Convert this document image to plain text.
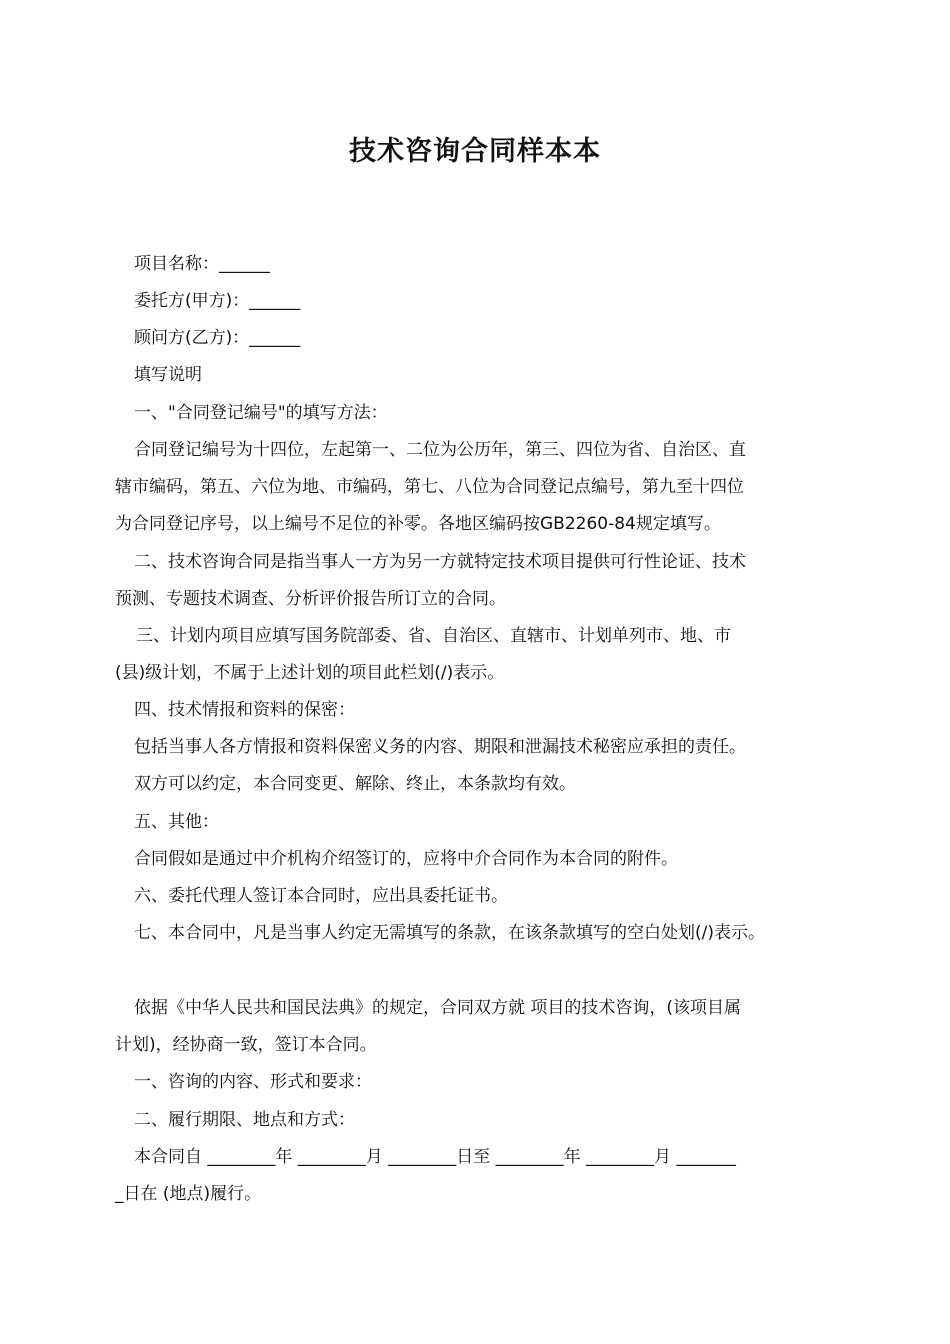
技术咨询合同样本本
项目名称：______
委托方(甲方)：______
顾问方(乙方)：______
填写说明
一、"合同登记编号"的填写方法：
合同登记编号为十四位，左起第一、二位为公历年，第三、四位为省、自治区、直
辖市编码，第五、六位为地、市编码，第七、八位为合同登记点编号，第九至十四位
为合同登记序号，以上编号不足位的补零。各地区编码按GB2260-84规定填写。
二、技术咨询合同是指当事人一方为另一方就特定技术项目提供可行性论证、技术
预测、专题技术调查、分析评价报告所订立的合同。
三、计划内项目应填写国务院部委、省、自治区、直辖市、计划单列市、地、市
(县)级计划，不属于上述计划的项目此栏划(/)表示。
四、技术情报和资料的保密：
包括当事人各方情报和资料保密义务的内容、期限和泄漏技术秘密应承担的责任。
双方可以约定，本合同变更、解除、终止，本条款均有效。
五、其他：
合同假如是通过中介机构介绍签订的，应将中介合同作为本合同的附件。
六、委托代理人签订本合同时，应出具委托证书。
七、本合同中，凡是当事人约定无需填写的条款，在该条款填写的空白处划(/)表示。
依据《中华人民共和国民法典》的规定，合同双方就 项目的技术咨询，(该项目属
计划)，经协商一致，签订本合同。
一、咨询的内容、形式和要求：
二、履行期限、地点和方式：
本合同自 ________年 ________月 ________日至 ________年 ________月 _______
_日在 (地点)履行。
